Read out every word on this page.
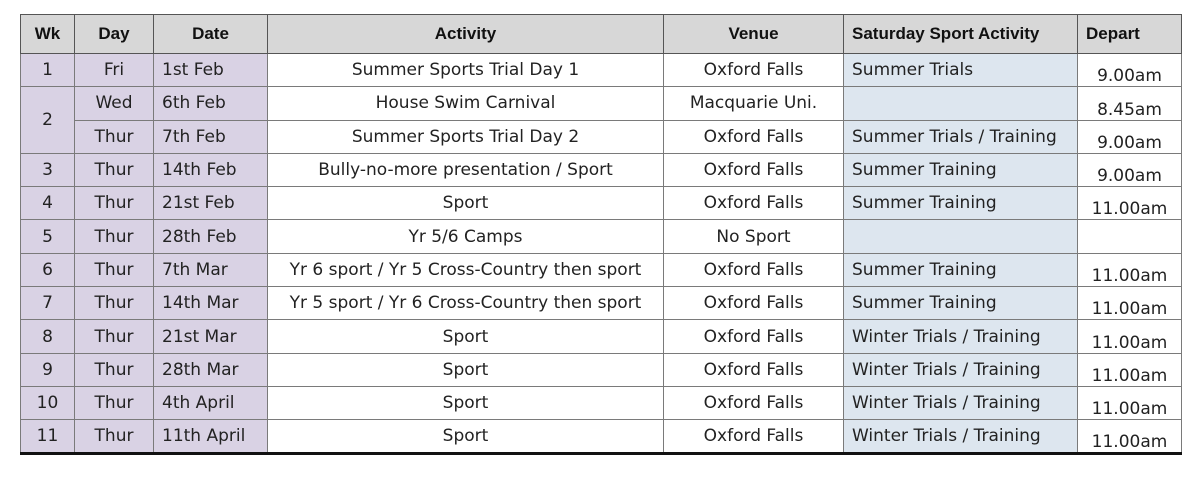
Wk	Day	Date	Activity	Venue	Saturday Sport Activity	Depart
1	Fri	1st Feb	Summer Sports Trial Day 1	Oxford Falls	Summer Trials	9.00am
2	Wed	6th Feb	House Swim Carnival	Macquarie Uni.		8.45am
	Thur	7th Feb	Summer Sports Trial Day 2	Oxford Falls	Summer Trials / Training	9.00am
3	Thur	14th Feb	Bully-no-more presentation / Sport	Oxford Falls	Summer Training	9.00am
4	Thur	21st Feb	Sport	Oxford Falls	Summer Training	11.00am
5	Thur	28th Feb	Yr 5/6 Camps	No Sport		
6	Thur	7th Mar	Yr 6 sport / Yr 5 Cross-Country then sport	Oxford Falls	Summer Training	11.00am
7	Thur	14th Mar	Yr 5 sport / Yr 6 Cross-Country then sport	Oxford Falls	Summer Training	11.00am
8	Thur	21st Mar	Sport	Oxford Falls	Winter Trials / Training	11.00am
9	Thur	28th Mar	Sport	Oxford Falls	Winter Trials / Training	11.00am
10	Thur	4th April	Sport	Oxford Falls	Winter Trials / Training	11.00am
11	Thur	11th April	Sport	Oxford Falls	Winter Trials / Training	11.00am
